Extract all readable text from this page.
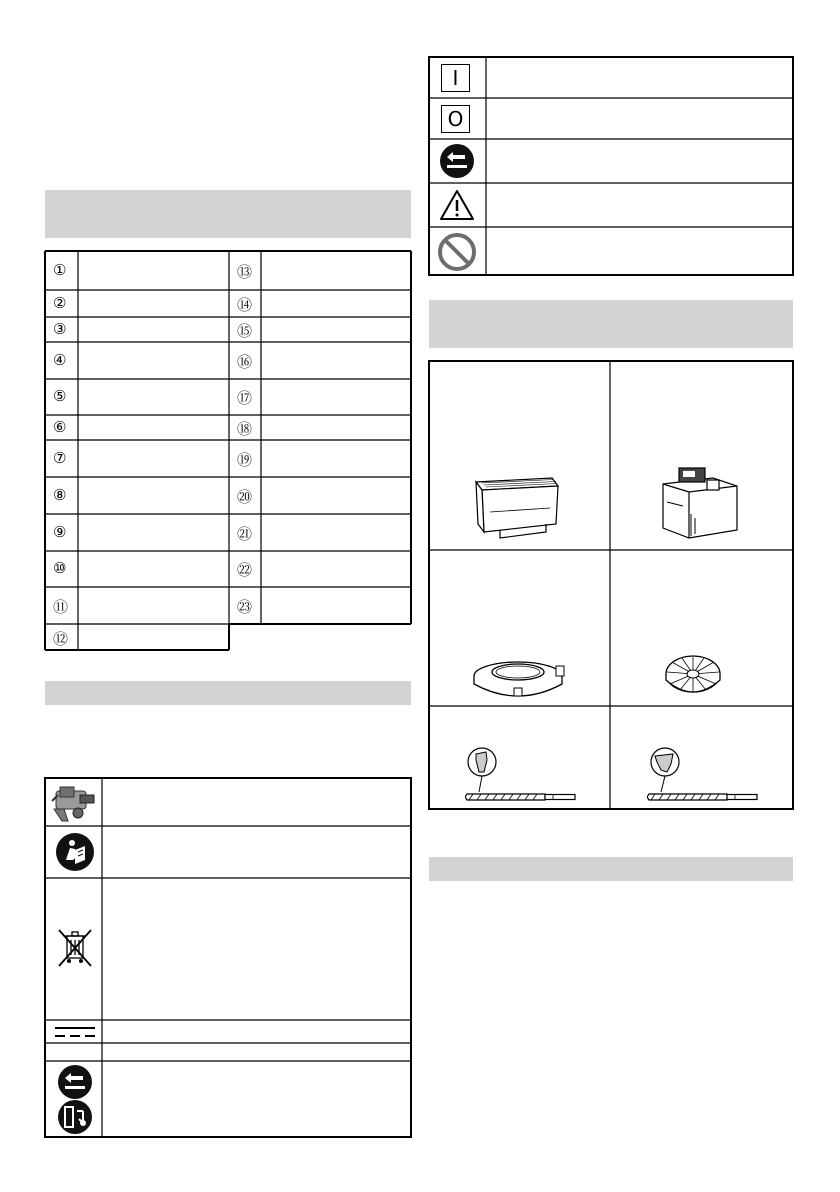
①
②
③
④
⑤
⑥
⑦
⑧
⑨
⑩
⑪
⑫
⑬
⑭
⑮
⑯
⑰
⑱
⑲
⑳
㉑
㉒
㉓
I
O
